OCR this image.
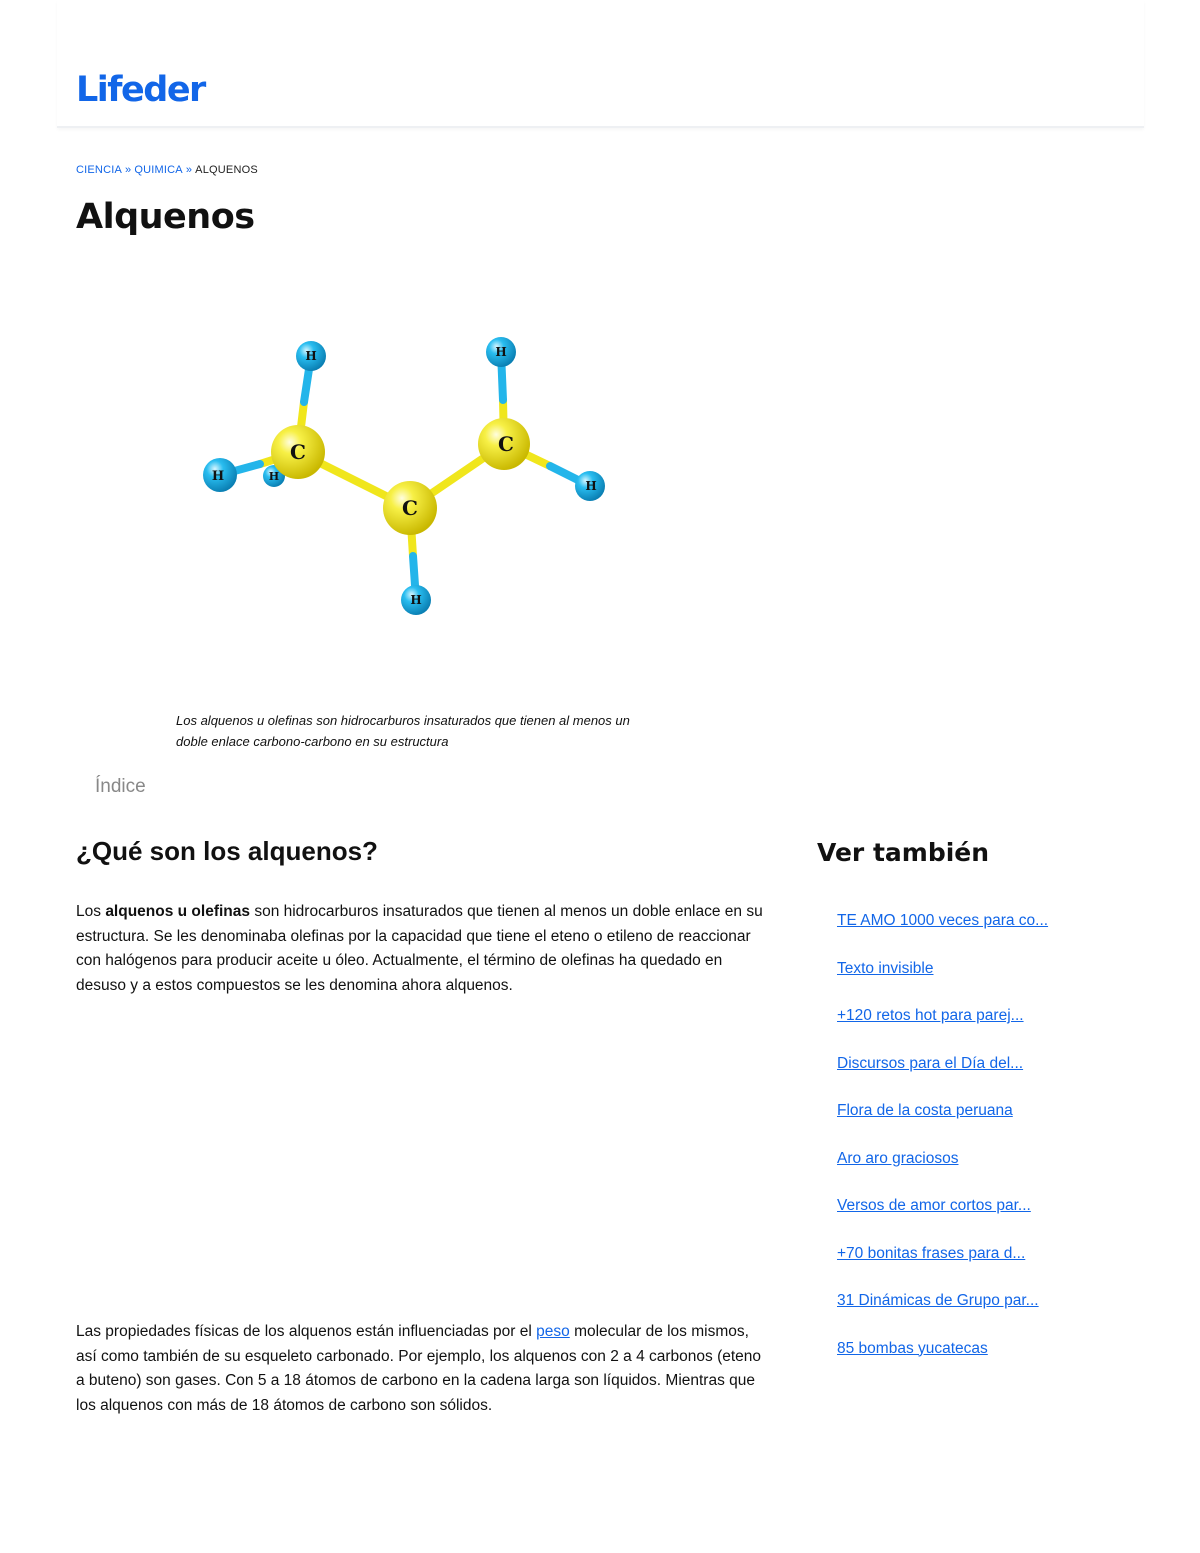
Lifeder
CIENCIA » QUIMICA » ALQUENOS
Alquenos
H
H	H
H
H
H
C	C
C

Los alquenos u olefinas son hidrocarburos insaturados que tienen al menos un doble enlace carbono-carbono en su estructura

Índice
¿Qué son los alquenos?

Los alquenos u olefinas son hidrocarburos insaturados que tienen al menos un doble enlace en su estructura. Se les denominaba olefinas por la capacidad que tiene el eteno o etileno de reaccionar con halógenos para producir aceite u óleo. Actualmente, el término de olefinas ha quedado en desuso y a estos compuestos se les denomina ahora alquenos.

Las propiedades físicas de los alquenos están influenciadas por el peso molecular de los mismos, así como también de su esqueleto carbonado. Por ejemplo, los alquenos con 2 a 4 carbonos (eteno a buteno) son gases. Con 5 a 18 átomos de carbono en la cadena larga son líquidos. Mientras que los alquenos con más de 18 átomos de carbono son sólidos.

Ver también
TE AMO 1000 veces para co...
Texto invisible
+120 retos hot para parej...
Discursos para el Día del...
Flora de la costa peruana
Aro aro graciosos
Versos de amor cortos par...
+70 bonitas frases para d...
31 Dinámicas de Grupo par...
85 bombas yucatecas
